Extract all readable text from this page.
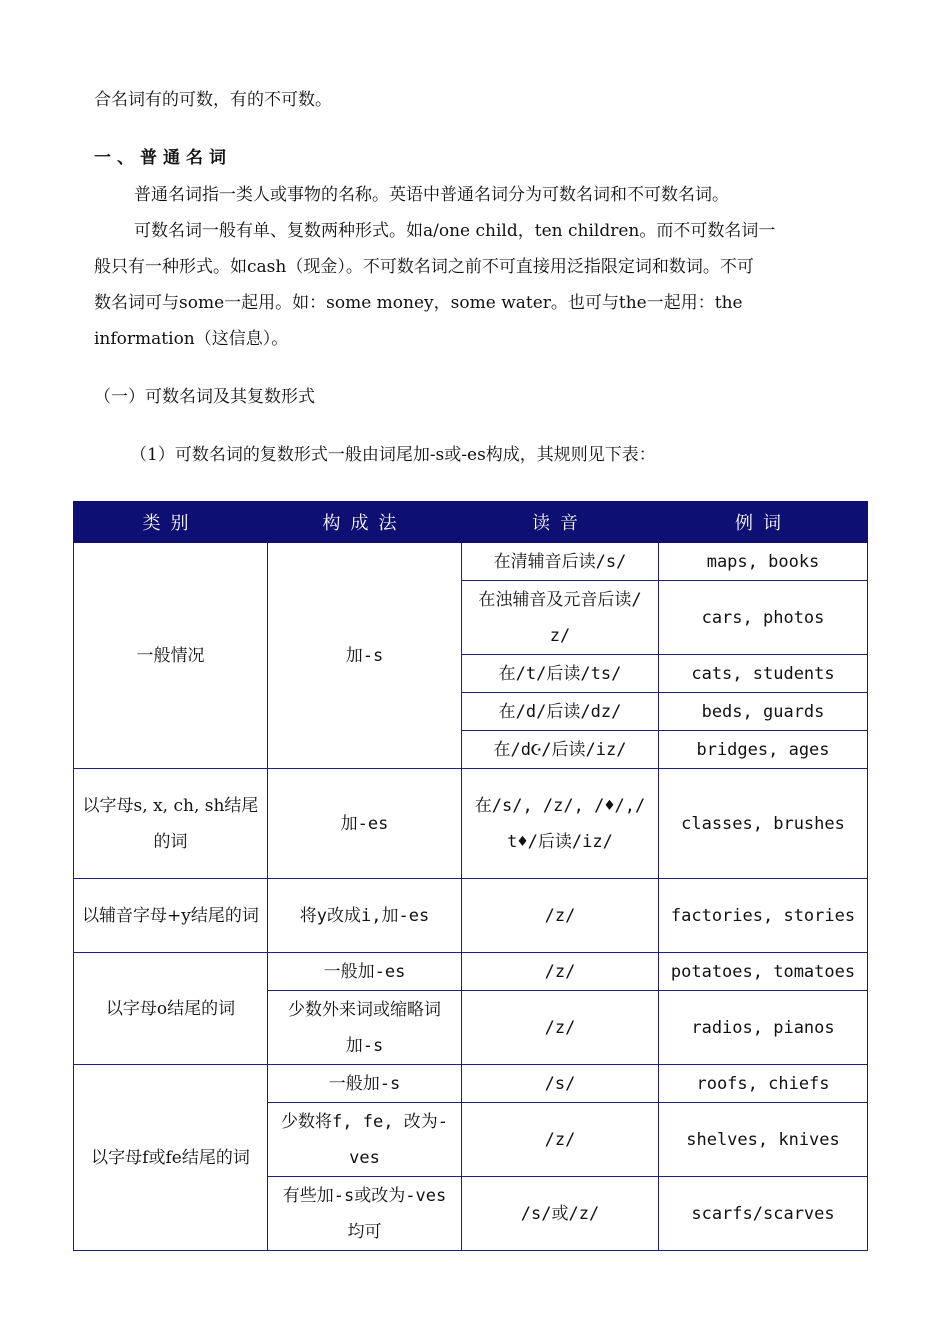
合名词有的可数，有的不可数。
一、普通名词
普通名词指一类人或事物的名称。英语中普通名词分为可数名词和不可数名词。
可数名词一般有单、复数两种形式。如a/one child，ten children。而不可数名词一
般只有一种形式。如cash（现金）。不可数名词之前不可直接用泛指限定词和数词。不可
数名词可与some一起用。如：some money，some water。也可与the一起用：the
information（这信息）。
（一）可数名词及其复数形式
（1）可数名词的复数形式一般由词尾加-s或-es构成，其规则见下表：
类别	构成法	读音	例词
一般情况	加-s	在清辅音后读/s/	maps, books
		在浊辅音及元音后读/z/	cars, photos
		在/t/后读/ts/	cats, students
		在/d/后读/dz/	beds, guards
		在/d☪/后读/iz/	bridges, ages
以字母s, x, ch, sh结尾的词	加-es	在/s/, /z/, /♦/,/t♦/后读/iz/	classes, brushes
以辅音字母+y结尾的词	将y改成i,加-es	/z/	factories, stories
以字母o结尾的词	一般加-es	/z/	potatoes, tomatoes
	少数外来词或缩略词加-s	/z/	radios, pianos
以字母f或fe结尾的词	一般加-s	/s/	roofs, chiefs
	少数将f, fe, 改为-ves	/z/	shelves, knives
	有些加-s或改为-ves均可	/s/或/z/	scarfs/scarves
